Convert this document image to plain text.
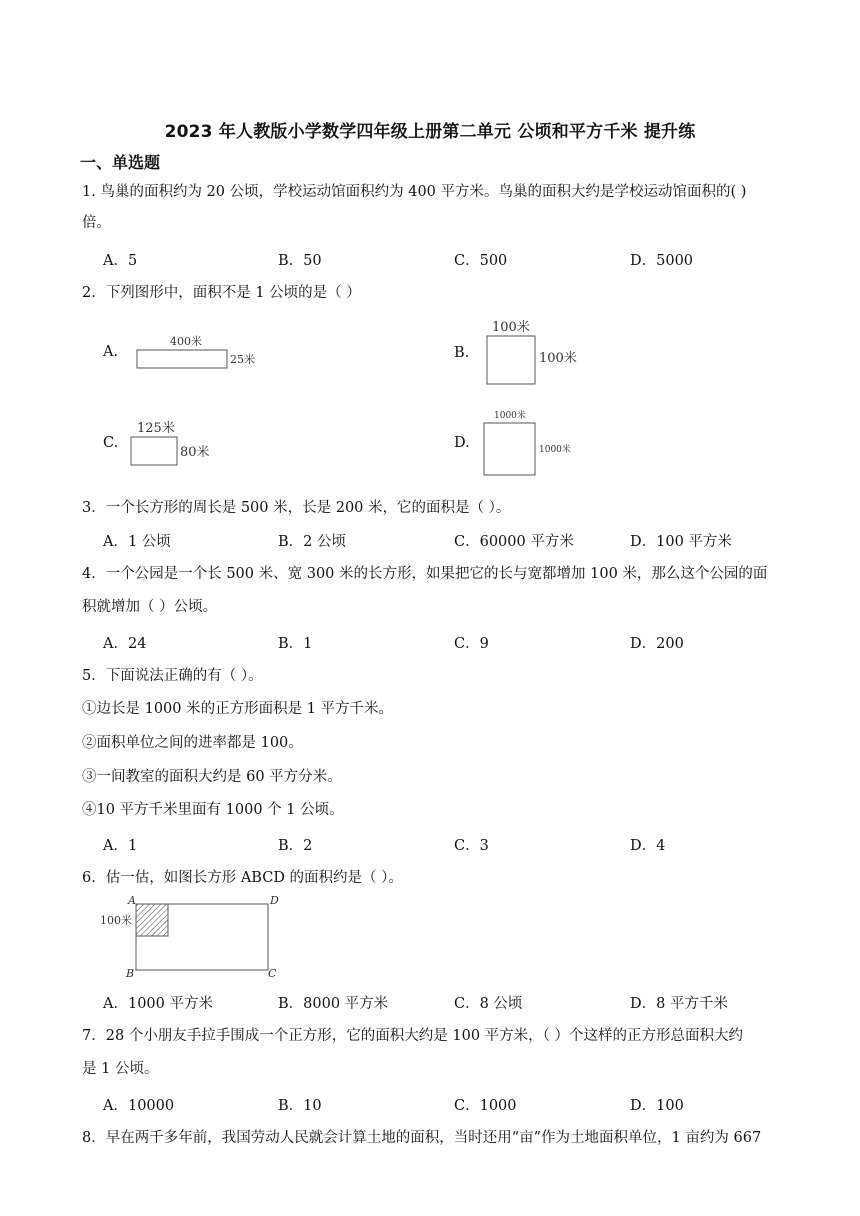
2023 年人教版小学数学四年级上册第二单元 公顷和平方千米 提升练
一、单选题
1. 鸟巢的面积约为 20 公顷，学校运动馆面积约为 400 平方米。鸟巢的面积大约是学校运动馆面积的( )
倍。
A．5	B．50	C．500	D．5000
2．下列图形中，面积不是 1 公顷的是（ ）
A.
400米
25米	B.
100米
100米
C.
125米
80米
D.
1000米
1000米
3．一个长方形的周长是 500 米，长是 200 米，它的面积是（ ）。
A．1 公顷	B．2 公顷	C．60000 平方米	D．100 平方米
4．一个公园是一个长 500 米、宽 300 米的长方形，如果把它的长与宽都增加 100 米，那么这个公园的面
积就增加（ ）公顷。
A．24	B．1	C．9	D．200
5．下面说法正确的有（ ）。
①边长是 1000 米的正方形面积是 1 平方千米。
②面积单位之间的进率都是 100。
③一间教室的面积大约是 60 平方分米。
④10 平方千米里面有 1000 个 1 公顷。
A．1	B．2	C．3	D．4
6．估一估，如图长方形 ABCD 的面积约是（ ）。
A	D
B	C
100米
A．1000 平方米	B．8000 平方米	C．8 公顷	D．8 平方千米
7．28 个小朋友手拉手围成一个正方形，它的面积大约是 100 平方米，（ ）个这样的正方形总面积大约
是 1 公顷。
A．10000	B．10	C．1000	D．100
8．早在两千多年前，我国劳动人民就会计算土地的面积，当时还用“亩”作为土地面积单位，1 亩约为 667
